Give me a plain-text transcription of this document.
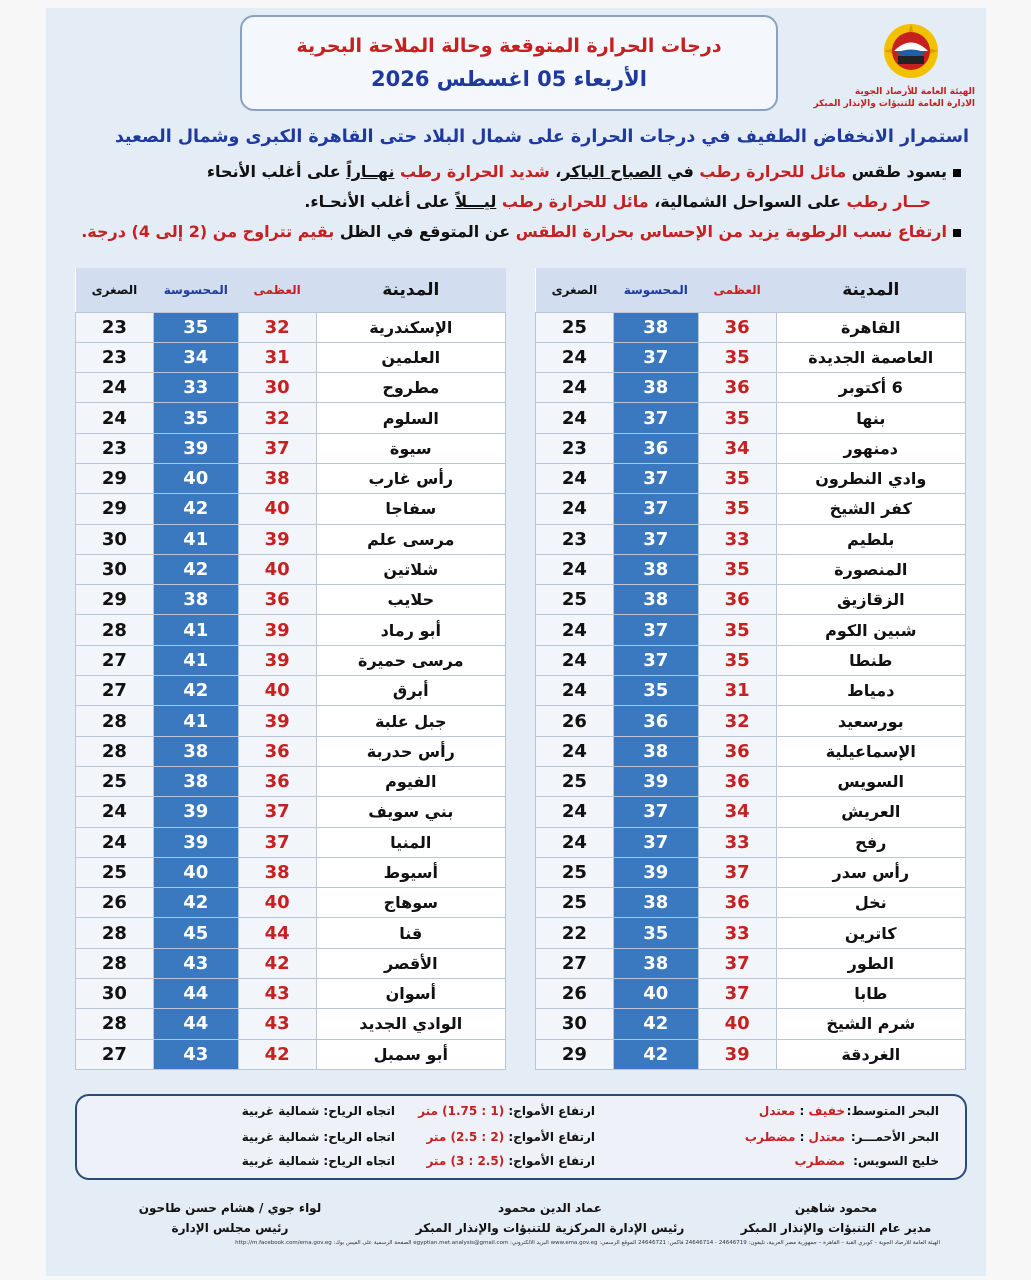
الهيئة العامة للأرصاد الجوية
الادارة العامة للتنبؤات والإنذار المبكر
درجات الحرارة المتوقعة وحالة الملاحة البحرية
الأربعاء 05 اغسطس 2026
استمرار الانخفاض الطفيف في درجات الحرارة على شمال البلاد حتى القاهرة الكبرى وشمال الصعيد
يسود طقس مائل للحرارة رطب في الصباح الباكر، شديد الحرارة رطب نهــاراً على أغلب الأنحاء
حــار رطب على السواحل الشمالية، مائل للحرارة رطب ليـــلاً على أغلب الأنحـاء.
ارتفاع نسب الرطوبة يزيد من الإحساس بحرارة الطقس عن المتوقع في الظل بقيم تتراوح من (2 إلى 4) درجة.
المدينة	العظمى	المحسوسة	الصغرى
القاهرة	36	38	25
العاصمة الجديدة	35	37	24
6 أكتوبر	36	38	24
بنها	35	37	24
دمنهور	34	36	23
وادي النطرون	35	37	24
كفر الشيخ	35	37	24
بلطيم	33	37	23
المنصورة	35	38	24
الزقازيق	36	38	25
شبين الكوم	35	37	24
طنطا	35	37	24
دمياط	31	35	24
بورسعيد	32	36	26
الإسماعيلية	36	38	24
السويس	36	39	25
العريش	34	37	24
رفح	33	37	24
رأس سدر	37	39	25
نخل	36	38	25
كاترين	33	35	22
الطور	37	38	27
طابا	37	40	26
شرم الشيخ	40	42	30
الغردقة	39	42	29
المدينة	العظمى	المحسوسة	الصغرى
الإسكندرية	32	35	23
العلمين	31	34	23
مطروح	30	33	24
السلوم	32	35	24
سيوة	37	39	23
رأس غارب	38	40	29
سفاجا	40	42	29
مرسى علم	39	41	30
شلاتين	40	42	30
حلايب	36	38	29
أبو رماد	39	41	28
مرسى حميرة	39	41	27
أبرق	40	42	27
جبل علبة	39	41	28
رأس حدربة	36	38	28
الفيوم	36	38	25
بني سويف	37	39	24
المنيا	37	39	24
أسيوط	38	40	25
سوهاج	40	42	26
قنا	44	45	28
الأقصر	42	43	28
أسوان	43	44	30
الوادي الجديد	43	44	28
أبو سمبل	42	43	27
البحر المتوسط:
خفيف : معتدل
ارتفاع الأمواج: (1 : 1.75) متر
اتجاه الرياح: شمالية غربية
البحر الأحمـــر:
معتدل : مضطرب
ارتفاع الأمواج: (2 : 2.5) متر
اتجاه الرياح: شمالية غربية
خليج السويس:
مضطرب
ارتفاع الأمواج: (2.5 : 3) متر
اتجاه الرياح: شمالية غربية
محمود شاهين
مدير عام التنبؤات والإنذار المبكر
عماد الدين محمود
رئيس الإدارة المركزية للتنبؤات والإنذار المبكر
لواء جوي / هشام حسن طاحون
رئيس مجلس الإدارة
الهيئة العامة للأرصاد الجوية – كوبري القبة – القاهرة – جمهورية مصر العربية، تليفون: 24646719 - 24646714 فاكس: 24646721 الموقع الرسمي: www.ema.gov.eg البريد الالكتروني: egyptian.met.analysis@gmail.com الصفحة الرسمية على الفيس بوك: http://m.facebook.com/ema.gov.eg
